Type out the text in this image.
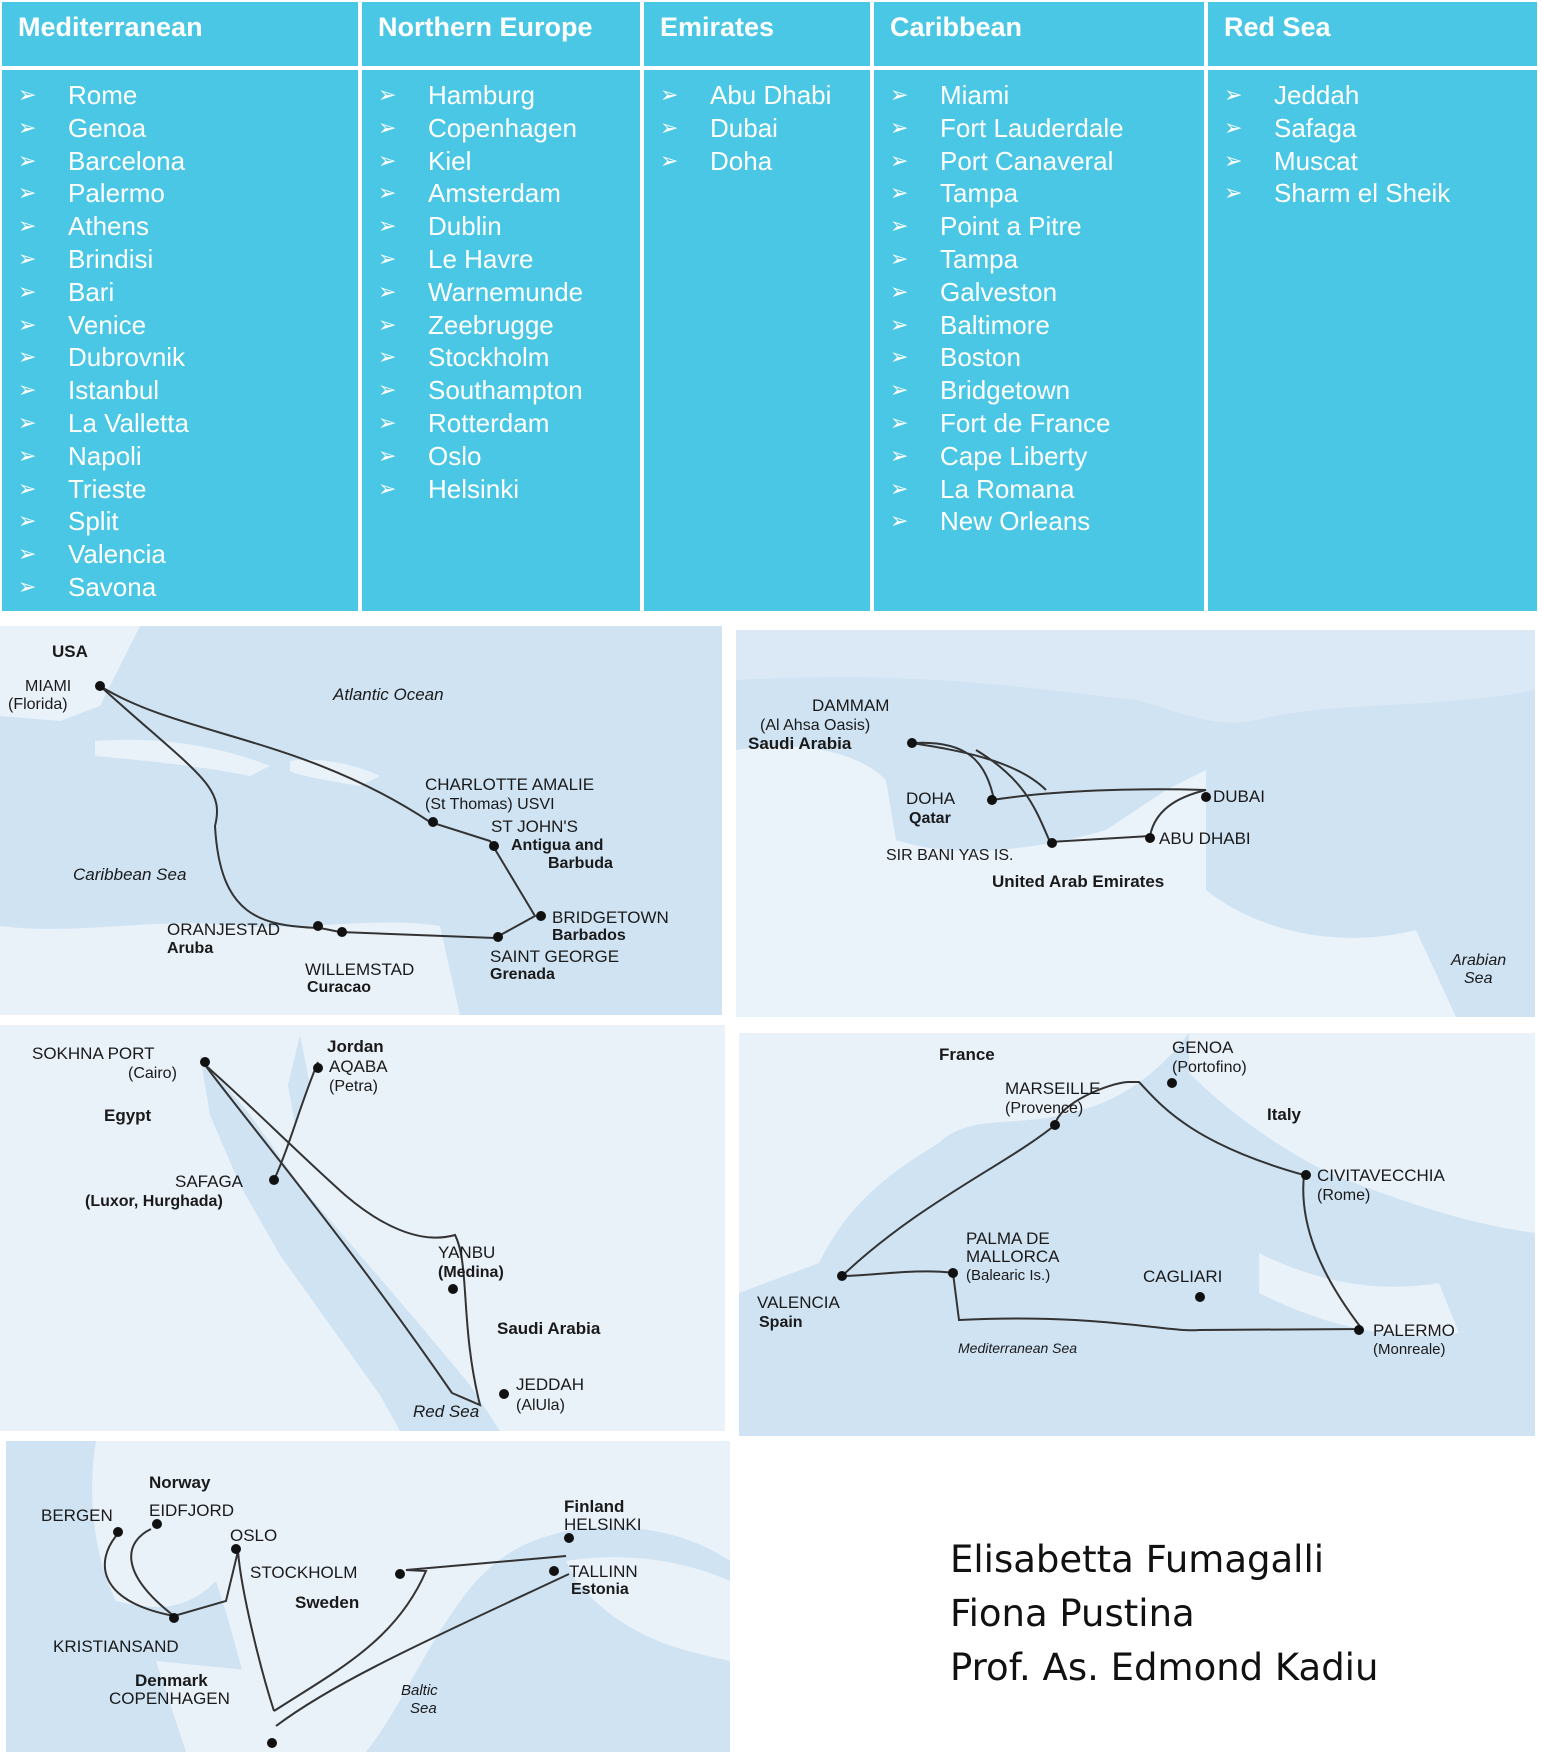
Mediterranean
➢ Rome
➢ Genoa
➢ Barcelona
➢ Palermo
➢ Athens
➢ Brindisi
➢ Bari
➢ Venice
➢ Dubrovnik
➢ Istanbul
➢ La Valletta
➢ Napoli
➢ Trieste
➢ Split
➢ Valencia
➢ Savona
Northern Europe
➢ Hamburg
➢ Copenhagen
➢ Kiel
➢ Amsterdam
➢ Dublin
➢ Le Havre
➢ Warnemunde
➢ Zeebrugge
➢ Stockholm
➢ Southampton
➢ Rotterdam
➢ Oslo
➢ Helsinki
Emirates
➢ Abu Dhabi
➢ Dubai
➢ Doha
Caribbean
➢ Miami
➢ Fort Lauderdale
➢ Port Canaveral
➢ Tampa
➢ Point a Pitre
➢ Tampa
➢ Galveston
➢ Baltimore
➢ Boston
➢ Bridgetown
➢ Fort de France
➢ Cape Liberty
➢ La Romana
➢ New Orleans
Red Sea
➢ Jeddah
➢ Safaga
➢ Muscat
➢ Sharm el Sheik
USA
MIAMI
(Florida)
Atlantic Ocean
CHARLOTTE AMALIE
(St Thomas) USVI
ST JOHN'S
Antigua and
Barbuda
Caribbean Sea
BRIDGETOWN
Barbados
ORANJESTAD
Aruba	SAINT GEORGE
Grenada
WILLEMSTAD
Curacao
DAMMAM
(Al Ahsa Oasis)
Saudi Arabia
DOHA
Qatar
DUBAI
ABU DHABI
SIR BANI YAS IS.
United Arab Emirates
Arabian
Sea
SOKHNA PORT
(Cairo)
Jordan
AQABA
(Petra)
Egypt
SAFAGA
(Luxor, Hurghada)
YANBU
(Medina)
Saudi Arabia
JEDDAH
(AlUla)
Red Sea
France	GENOA
(Portofino)
MARSEILLE
(Provence)	Italy
CIVITAVECCHIA
(Rome)
PALMA DE
MALLORCA
(Balearic Is.)	CAGLIARI
VALENCIA
Spain	PALERMO
(Monreale)
Mediterranean Sea
Norway
BERGEN EIDFJORD
OSLO
Finland
HELSINKI
STOCKHOLM	TALLINN
Estonia
Sweden
KRISTIANSAND
Denmark
COPENHAGEN	Baltic
Sea
Elisabetta Fumagalli
Fiona Pustina
Prof. As. Edmond Kadiu
